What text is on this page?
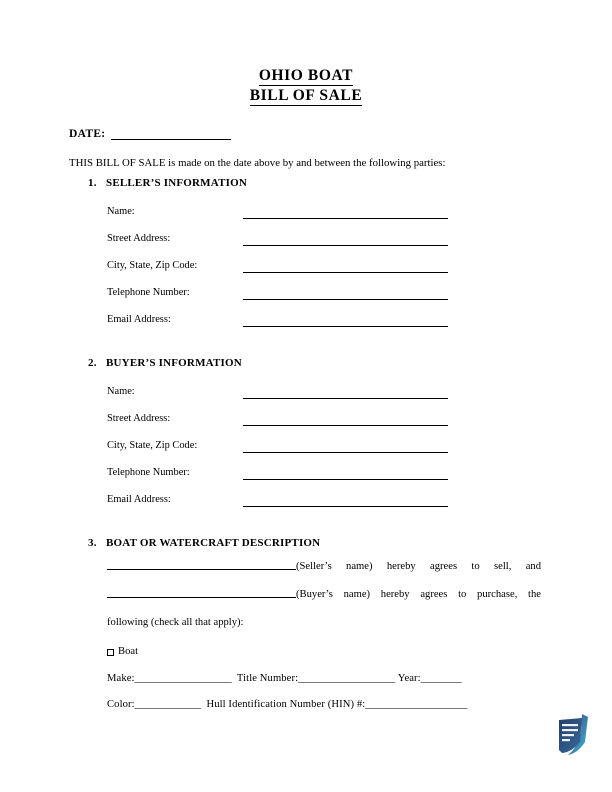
OHIO BOAT
BILL OF SALE
DATE:
THIS BILL OF SALE is made on the date above by and between the following parties:
1. SELLER’S INFORMATION
Name:
Street Address:
City, State, Zip Code:
Telephone Number:
Email Address:
2. BUYER’S INFORMATION
Name:
Street Address:
City, State, Zip Code:
Telephone Number:
Email Address:
3. BOAT OR WATERCRAFT DESCRIPTION
(Seller’s name) hereby agrees to sell, and
(Buyer’s name) hereby agrees to purchase, the
following (check all that apply):
Boat
Make:___________________ Title Number:___________________ Year:________
Color:_____________ Hull Identification Number (HIN) #:____________________
